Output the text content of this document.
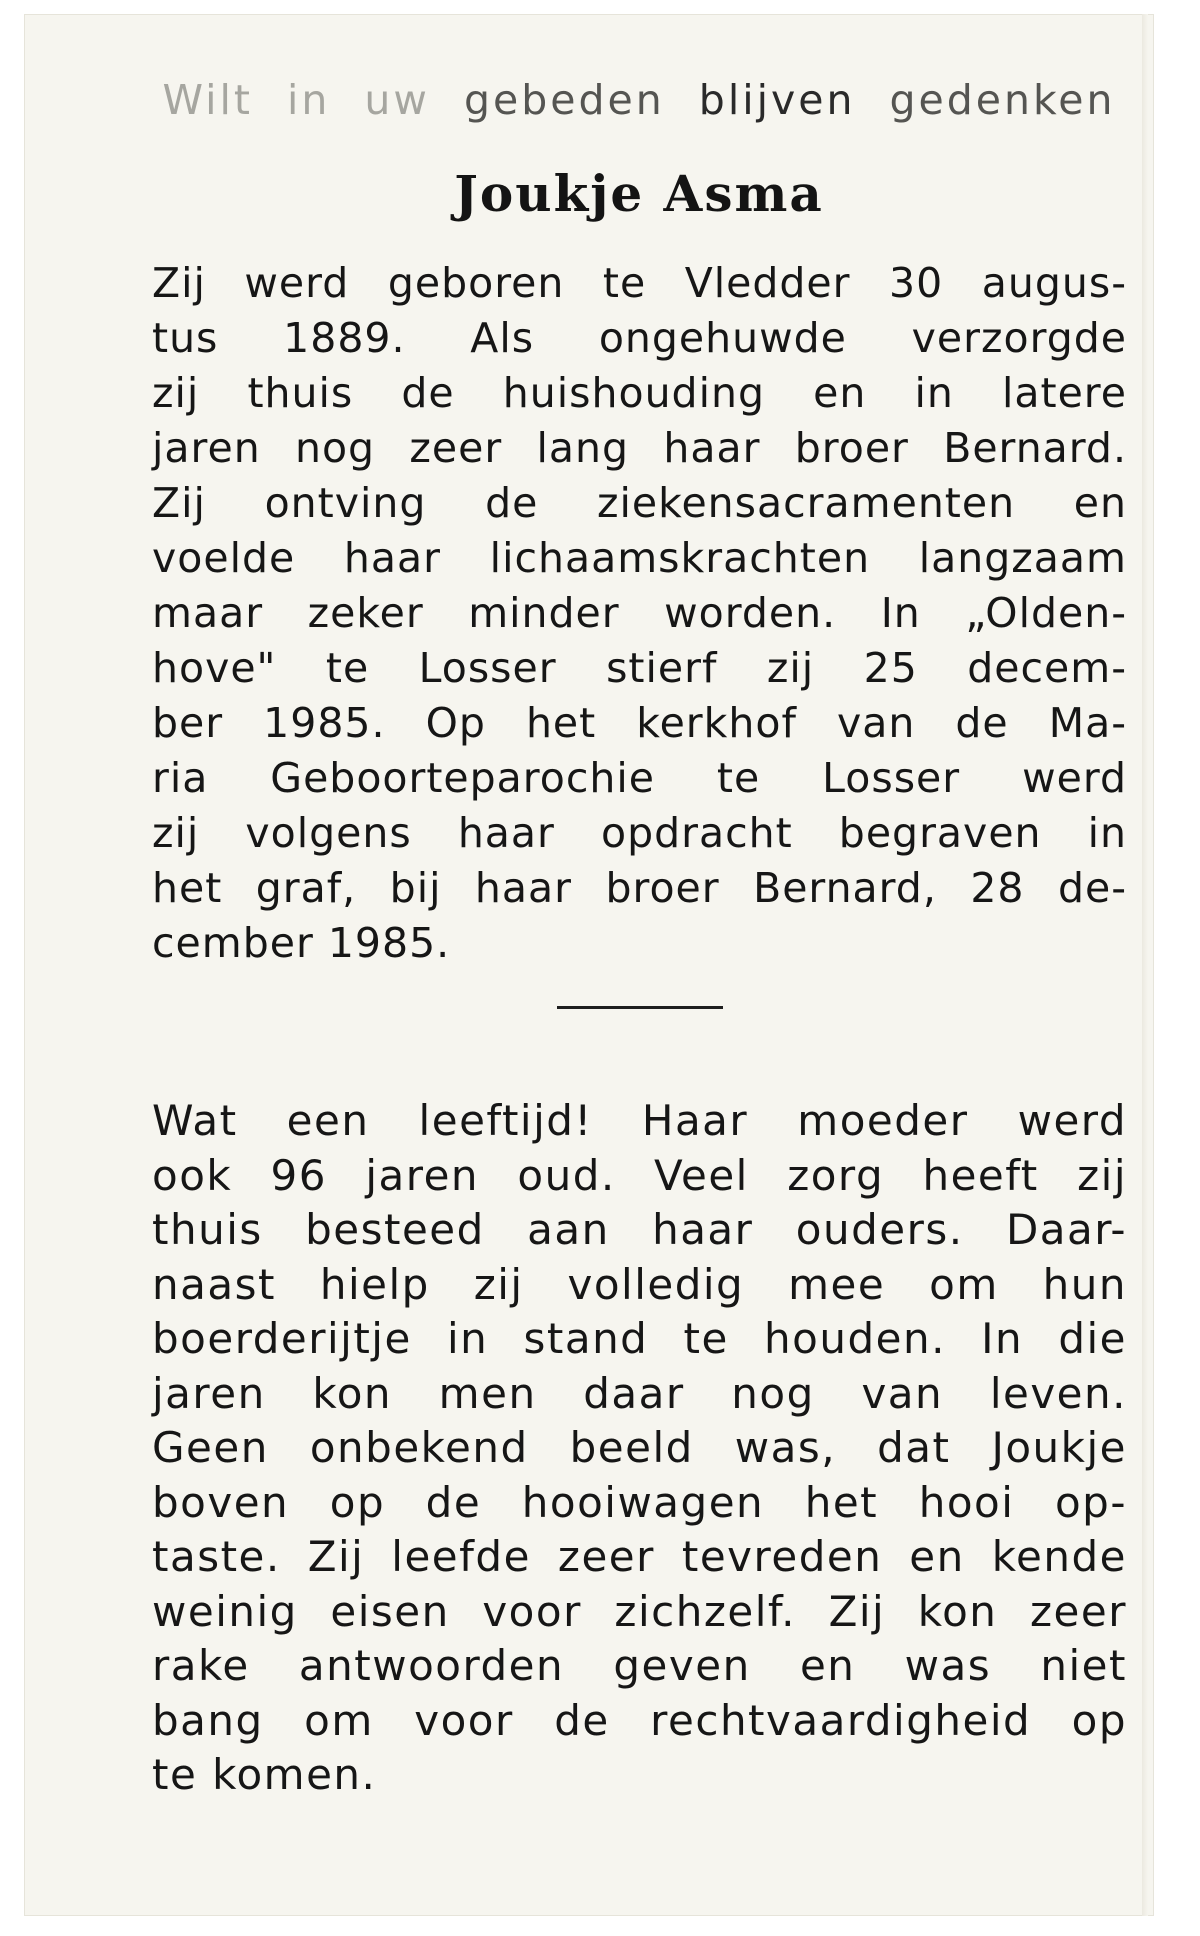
Wilt in uw gebeden blijven gedenken
Joukje Asma
Zij werd geboren te Vledder 30 augus-
tus 1889. Als ongehuwde verzorgde
zij thuis de huishouding en in latere
jaren nog zeer lang haar broer Bernard.
Zij ontving de ziekensacramenten en
voelde haar lichaamskrachten langzaam
maar zeker minder worden. In „Olden-
hove" te Losser stierf zij 25 decem-
ber 1985. Op het kerkhof van de Ma-
ria Geboorteparochie te Losser werd
zij volgens haar opdracht begraven in
het graf, bij haar broer Bernard, 28 de-
cember 1985.
Wat een leeftijd! Haar moeder werd
ook 96 jaren oud. Veel zorg heeft zij
thuis besteed aan haar ouders. Daar-
naast hielp zij volledig mee om hun
boerderijtje in stand te houden. In die
jaren kon men daar nog van leven.
Geen onbekend beeld was, dat Joukje
boven op de hooiwagen het hooi op-
taste. Zij leefde zeer tevreden en kende
weinig eisen voor zichzelf. Zij kon zeer
rake antwoorden geven en was niet
bang om voor de rechtvaardigheid op
te komen.
